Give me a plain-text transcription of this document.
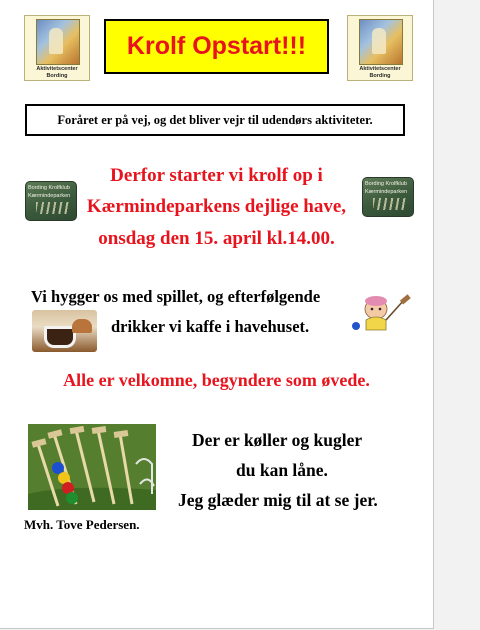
Aktivitetscenter
Bording
Aktivitetscenter
Bording
Krolf Opstart!!!
Foråret er på vej, og det bliver vejr til udendørs aktiviteter.
Bording Krolfklub
Kærmindeparken
Bording Krolfklub
Kærmindeparken
Derfor starter vi krolf op i
Kærmindeparkens dejlige have,
onsdag den 15. april kl.14.00.
Vi hygger os med spillet, og efterfølgende
drikker vi kaffe i havehuset.
Alle er velkomne, begyndere som øvede.
Der er køller og kugler
du kan låne.
Jeg glæder mig til at se jer.
Mvh. Tove Pedersen.
